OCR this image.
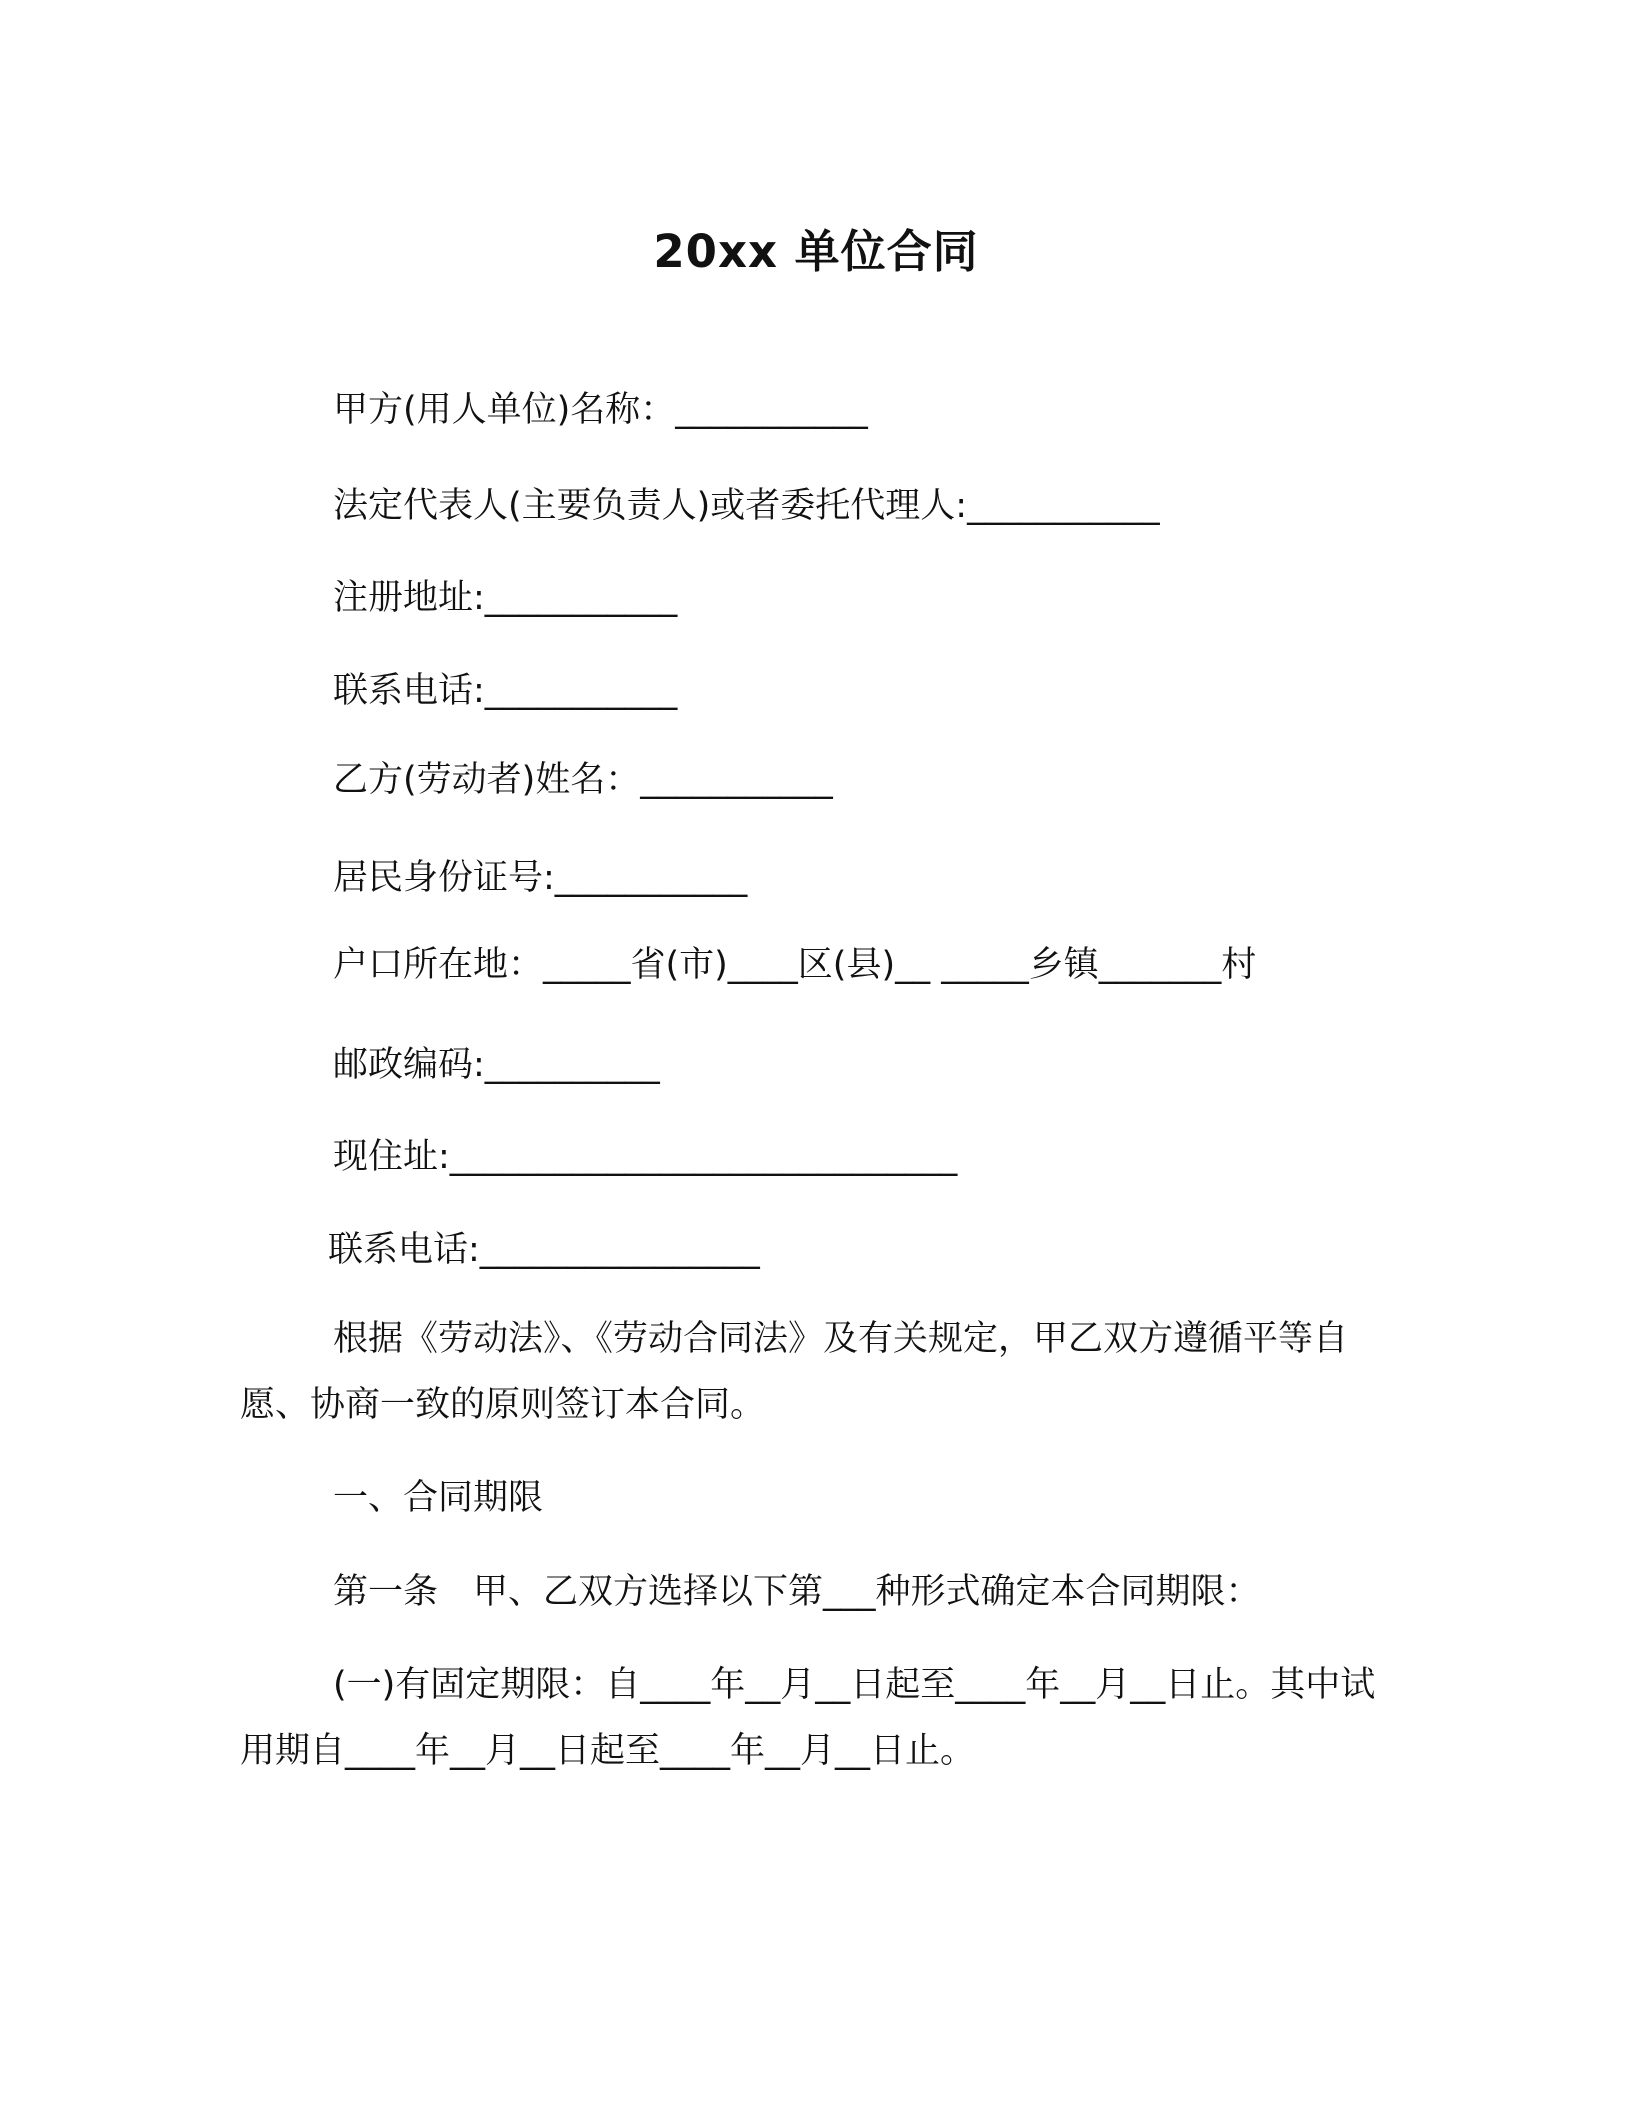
20xx 单位合同
甲方(用人单位)名称：___________
法定代表人(主要负责人)或者委托代理人:___________
注册地址:___________
联系电话:___________
乙方(劳动者)姓名：___________
居民身份证号:___________
户口所在地：_____省(市)____区(县)__ _____乡镇_______村
邮政编码:__________
现住址:_____________________________
联系电话:________________
根据《劳动法》、《劳动合同法》及有关规定，甲乙双方遵循平等自愿、协商一致的原则签订本合同。
一、合同期限
第一条　甲、乙双方选择以下第___种形式确定本合同期限：
(一)有固定期限：自____年__月__日起至____年__月__日止。其中试用期自____年__月__日起至____年__月__日止。
